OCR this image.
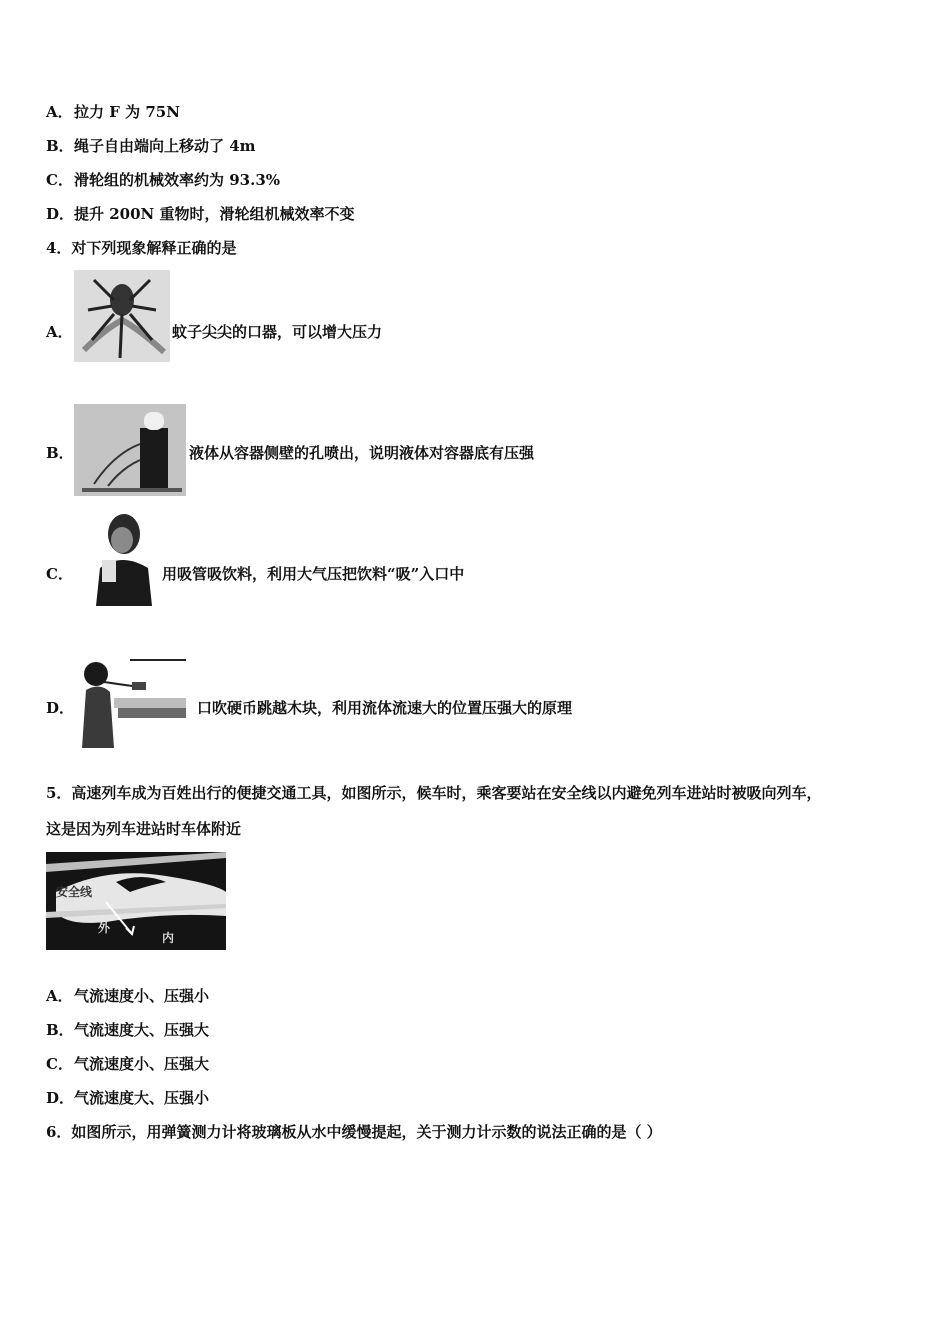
A．拉力 F 为 75N
B．绳子自由端向上移动了 4m
C．滑轮组的机械效率约为 93.3%
D．提升 200N 重物时，滑轮组机械效率不变
4．对下列现象解释正确的是
A．	蚊子尖尖的口器，可以增大压力
B．	液体从容器侧壁的孔喷出，说明液体对容器底有压强
C．	用吸管吸饮料，利用大气压把饮料“吸”入口中
D．	口吹硬币跳越木块，利用流体流速大的位置压强大的原理
5．高速列车成为百姓出行的便捷交通工具，如图所示，候车时，乘客要站在安全线以内避免列车进站时被吸向列车，
这是因为列车进站时车体附近
安全线
外
内
A．气流速度小、压强小
B．气流速度大、压强大
C．气流速度小、压强大
D．气流速度大、压强小
6．如图所示，用弹簧测力计将玻璃板从水中缓慢提起，关于测力计示数的说法正确的是（ ）
